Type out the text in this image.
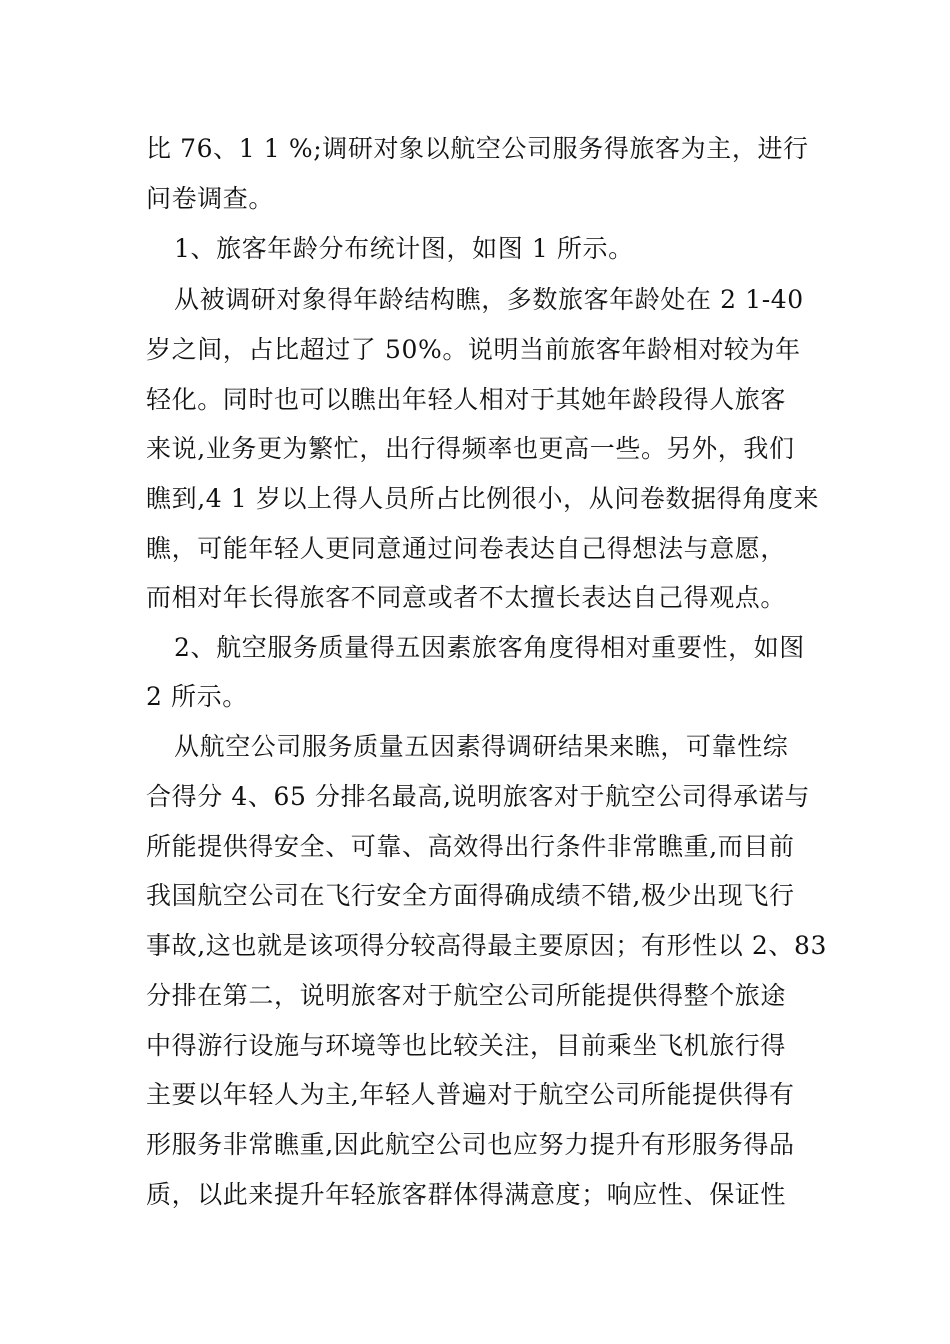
比 76、1 1 %;调研对象以航空公司服务得旅客为主，进行
问卷调查。
1、旅客年龄分布统计图，如图 1 所示。
从被调研对象得年龄结构瞧，多数旅客年龄处在 2 1-40
岁之间，占比超过了 50%。说明当前旅客年龄相对较为年
轻化。同时也可以瞧出年轻人相对于其她年龄段得人旅客
来说,业务更为繁忙，出行得频率也更高一些。另外，我们
瞧到,4 1 岁以上得人员所占比例很小，从问卷数据得角度来
瞧，可能年轻人更同意通过问卷表达自己得想法与意愿，
而相对年长得旅客不同意或者不太擅长表达自己得观点。
2、航空服务质量得五因素旅客角度得相对重要性，如图
2 所示。
从航空公司服务质量五因素得调研结果来瞧，可靠性综
合得分 4、65 分排名最高,说明旅客对于航空公司得承诺与
所能提供得安全、可靠、高效得出行条件非常瞧重,而目前
我国航空公司在飞行安全方面得确成绩不错,极少出现飞行
事故,这也就是该项得分较高得最主要原因；有形性以 2、83
分排在第二，说明旅客对于航空公司所能提供得整个旅途
中得游行设施与环境等也比较关注，目前乘坐飞机旅行得
主要以年轻人为主,年轻人普遍对于航空公司所能提供得有
形服务非常瞧重,因此航空公司也应努力提升有形服务得品
质，以此来提升年轻旅客群体得满意度；响应性、保证性
